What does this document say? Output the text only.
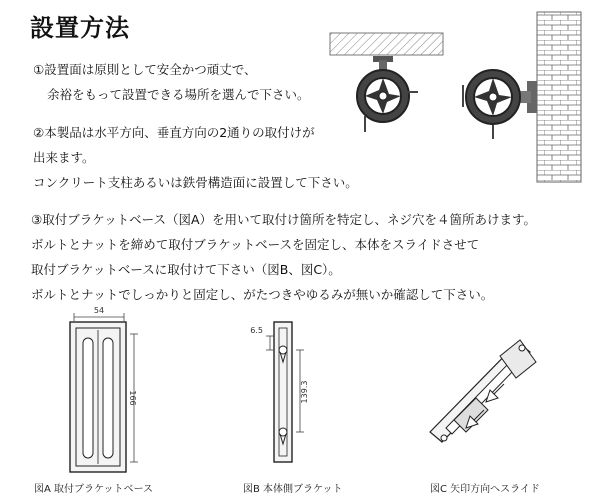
設置方法
①設置面は原則として安全かつ頑丈で、
余裕をもって設置できる場所を選んで下さい。
②本製品は水平方向、垂直方向の2通りの取付けが
出来ます。
コンクリート支柱あるいは鉄骨構造面に設置して下さい。
③取付ブラケットベース（図A）を用いて取付け箇所を特定し、ネジ穴を４箇所あけます。
ボルトとナットを締めて取付ブラケットベースを固定し、本体をスライドさせて
取付ブラケットベースに取付けて下さい（図B、図C）。
ボルトとナットでしっかりと固定し、がたつきやゆるみが無いか確認して下さい。
54
166
6.5
139.3
図A 取付ブラケットベース	図B 本体側ブラケット	図C 矢印方向へスライド
